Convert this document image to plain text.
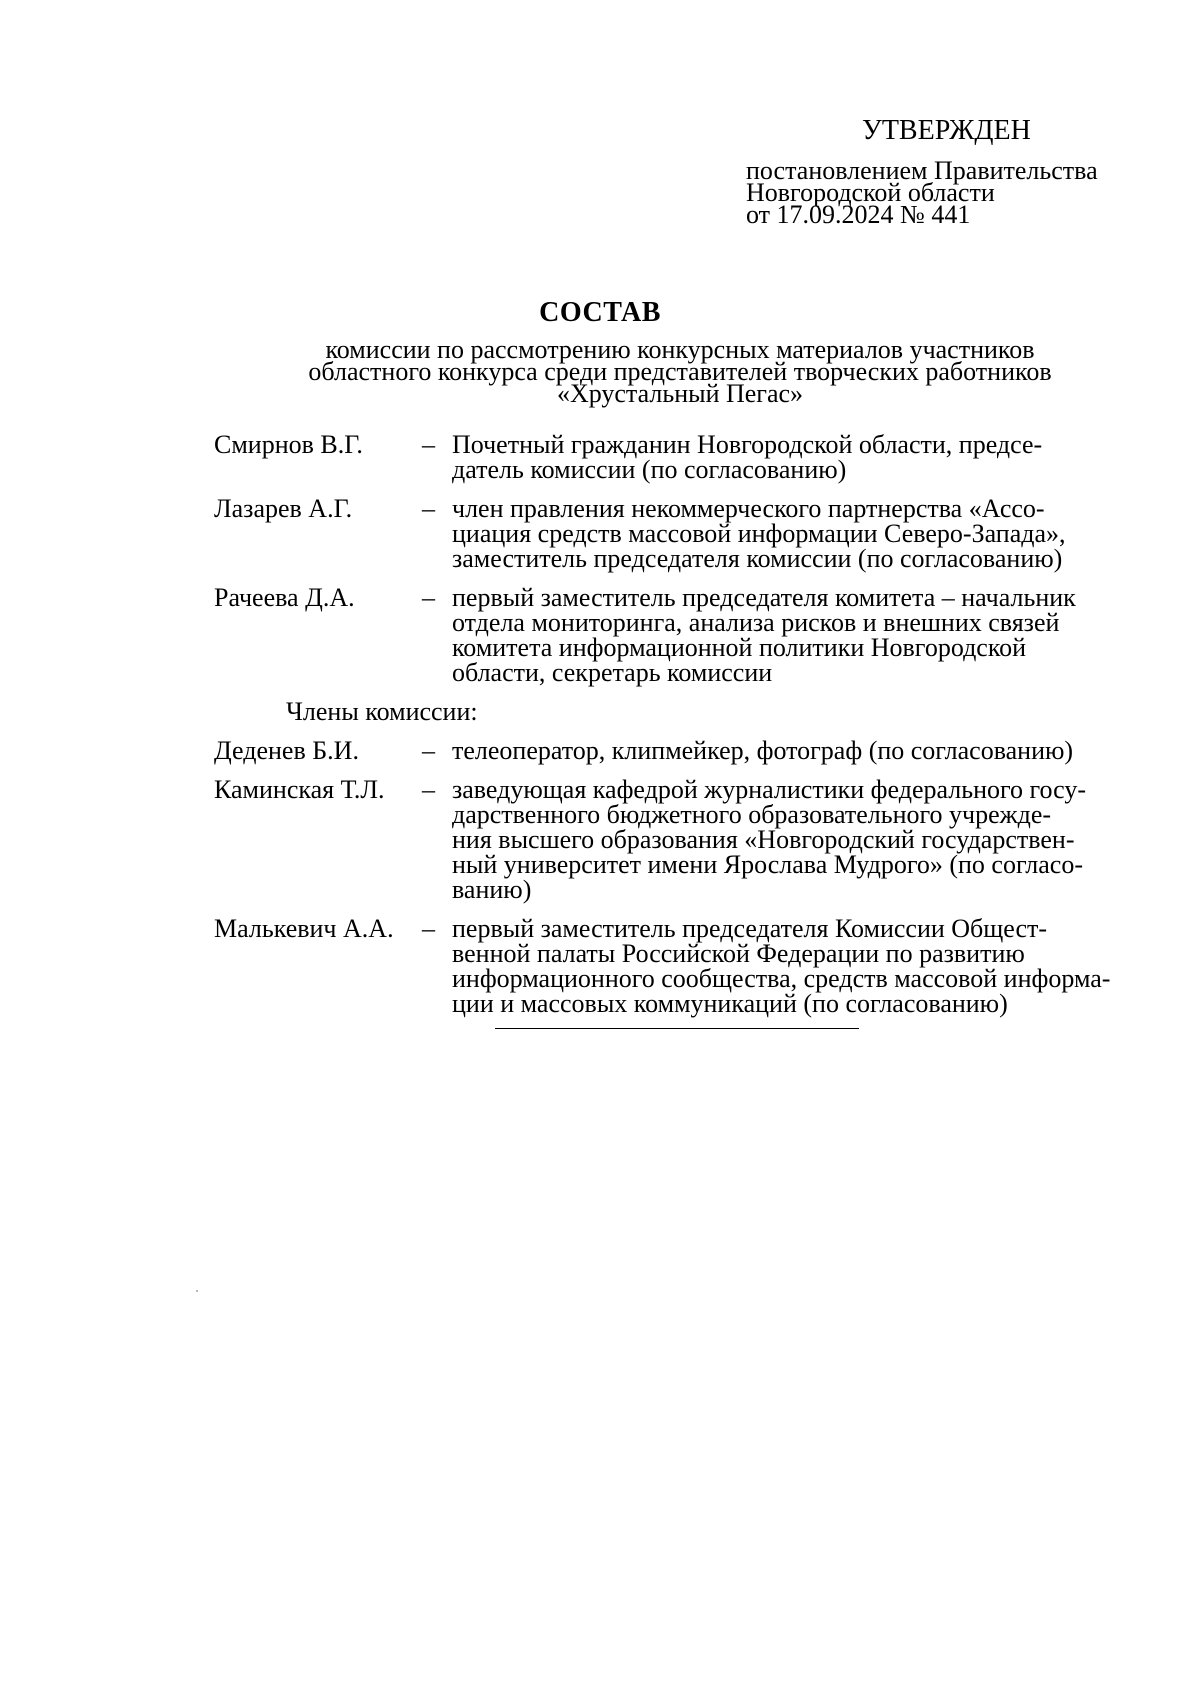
УТВЕРЖДЕН
постановлением Правительства
Новгородской области
от 17.09.2024 № 441
СОСТАВ
комиссии по рассмотрению конкурсных материалов участников
областного конкурса среди представителей творческих работников
«Хрустальный Пегас»
Смирнов В.Г.	– Почетный гражданин Новгородской области, предсе-
датель комиссии (по согласованию)
Лазарев А.Г.	– член правления некоммерческого партнерства «Ассо-
циация средств массовой информации Северо-Запада»,
заместитель председателя комиссии (по согласованию)
Рачеева Д.А.	– первый заместитель председателя комитета – начальник
отдела мониторинга, анализа рисков и внешних связей
комитета информационной политики Новгородской
области, секретарь комиссии
Члены комиссии:
Деденев Б.И.	– телеоператор, клипмейкер, фотограф (по согласованию)
Каминская Т.Л.	– заведующая кафедрой журналистики федерального госу-
дарственного бюджетного образовательного учрежде-
ния высшего образования «Новгородский государствен-
ный университет имени Ярослава Мудрого» (по согласо-
ванию)
Малькевич А.А.	– первый заместитель председателя Комиссии Общест-
венной палаты Российской Федерации по развитию
информационного сообщества, средств массовой информа-
ции и массовых коммуникаций (по согласованию)
